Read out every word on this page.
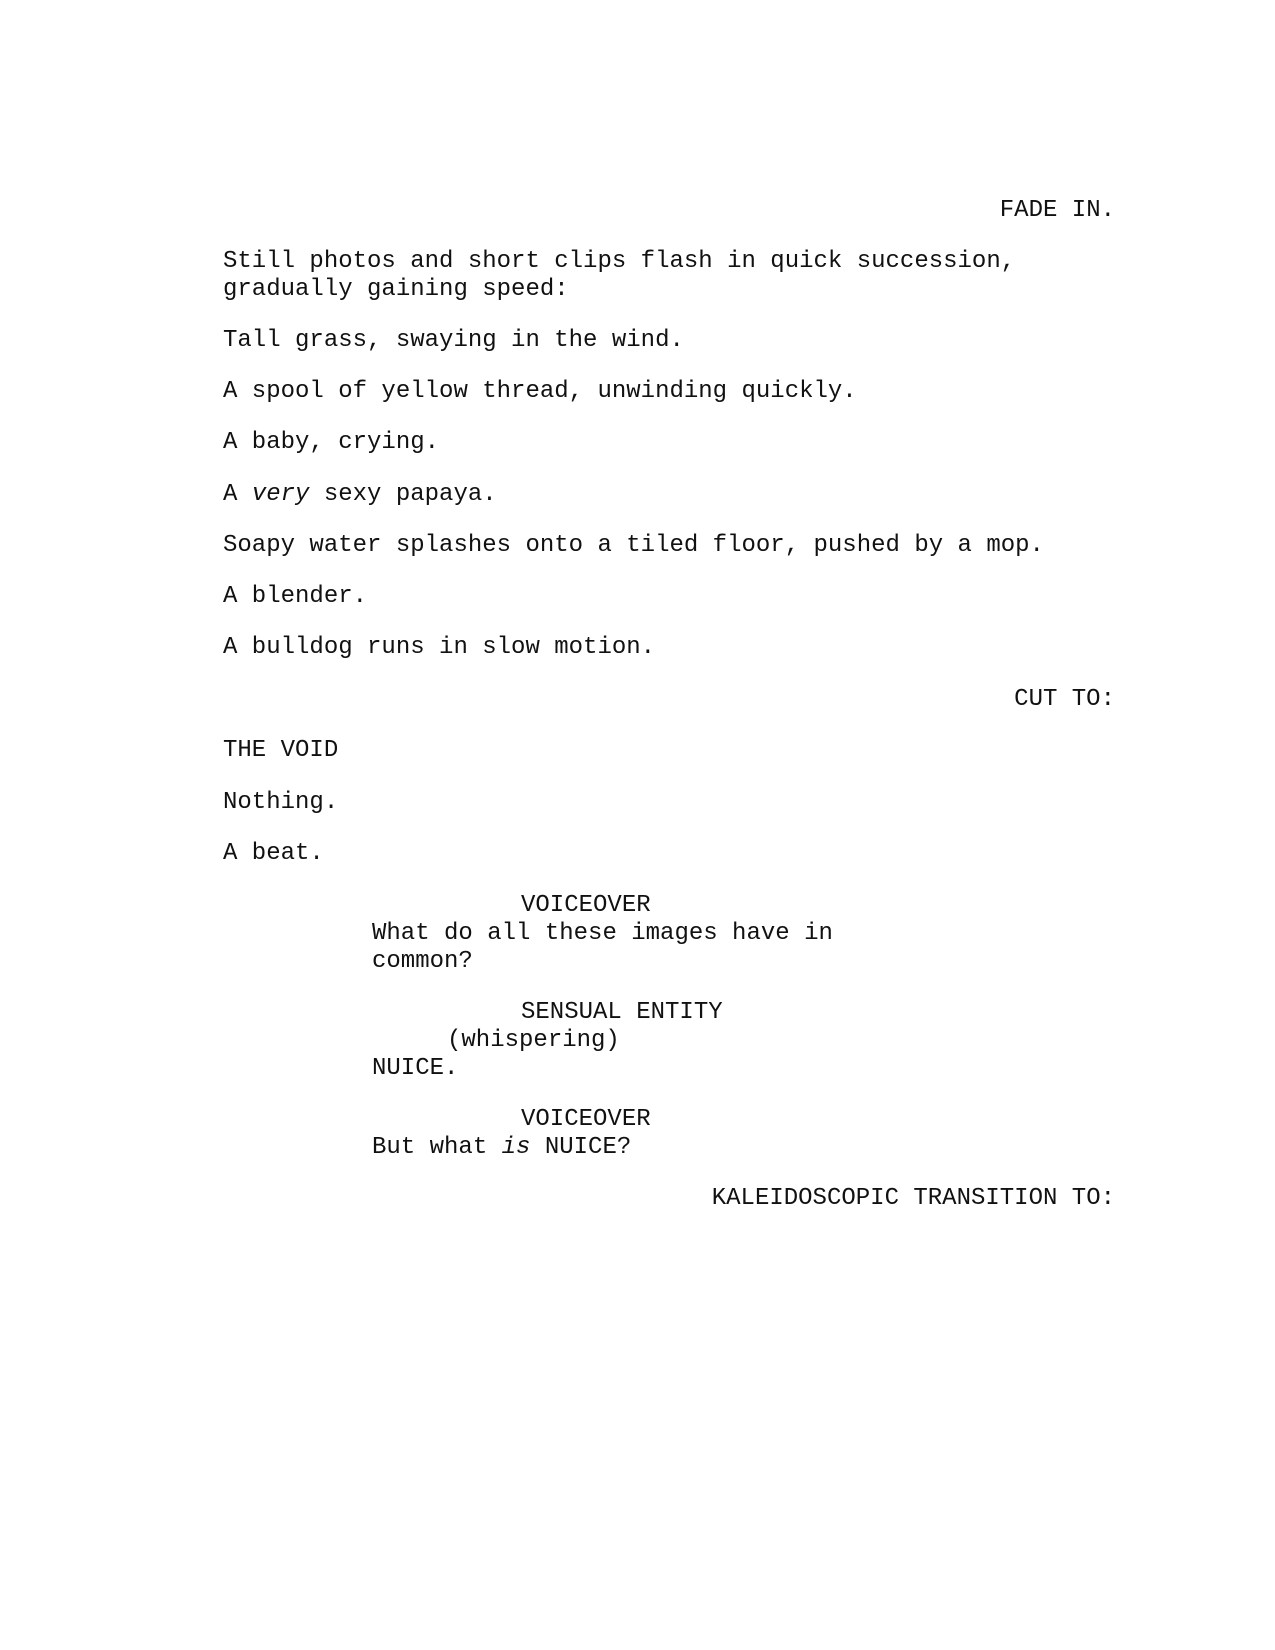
FADE IN.
Still photos and short clips flash in quick succession,
gradually gaining speed:
Tall grass, swaying in the wind.
A spool of yellow thread, unwinding quickly.
A baby, crying.
A very sexy papaya.
Soapy water splashes onto a tiled floor, pushed by a mop.
A blender.
A bulldog runs in slow motion.
CUT TO:
THE VOID
Nothing.
A beat.
VOICEOVER
What do all these images have in
common?
SENSUAL ENTITY
(whispering)
NUICE.
VOICEOVER
But what is NUICE?
KALEIDOSCOPIC TRANSITION TO:
